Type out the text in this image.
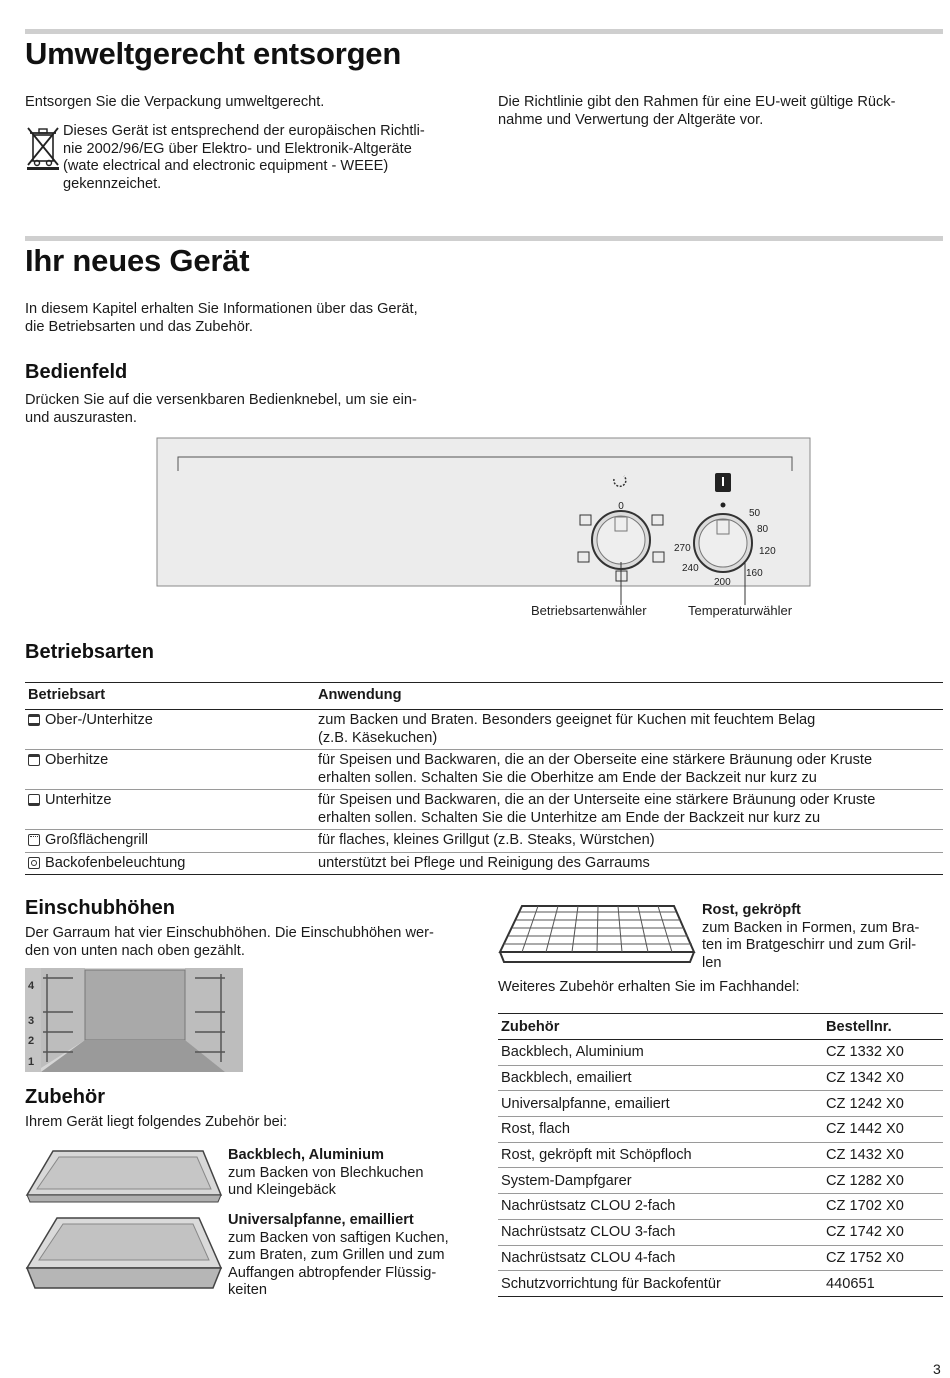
Umweltgerecht entsorgen
Entsorgen Sie die Verpackung umweltgerecht.
Dieses Gerät ist entsprechend der europäischen Richtli-
nie 2002/96/EG über Elektro- und Elektronik-Altgeräte
(wate electrical and electronic equipment - WEEE)
gekennzeichet.
Die Richtlinie gibt den Rahmen für eine EU-weit gültige Rück-
nahme und Verwertung der Altgeräte vor.
Ihr neues Gerät
In diesem Kapitel erhalten Sie Informationen über das Gerät,
die Betriebsarten und das Zubehör.
Bedienfeld
Drücken Sie auf die versenkbaren Bedienknebel, um sie ein-
und auszurasten.
0
50
80
120
160
200
240
270
Betriebsartenwähler	Temperaturwähler
Betriebsarten
Betriebsart	Anwendung
Ober-/Unterhitze	zum Backen und Braten. Besonders geeignet für Kuchen mit feuchtem Belag
(z.B. Käsekuchen)

Oberhitze	für Speisen und Backwaren, die an der Oberseite eine stärkere Bräunung oder Kruste
erhalten sollen. Schalten Sie die Oberhitze am Ende der Backzeit nur kurz zu

Unterhitze	für Speisen und Backwaren, die an der Unterseite eine stärkere Bräunung oder Kruste
erhalten sollen. Schalten Sie die Unterhitze am Ende der Backzeit nur kurz zu

Großflächengrill	für flaches, kleines Grillgut (z.B. Steaks, Würstchen)

Backofenbeleuchtung	unterstützt bei Pflege und Reinigung des Garraums
Einschubhöhen
Der Garraum hat vier Einschubhöhen. Die Einschubhöhen wer-
den von unten nach oben gezählt.
4
3
2
1
Zubehör
Ihrem Gerät liegt folgendes Zubehör bei:
Backblech, Aluminium
zum Backen von Blechkuchen
und Kleingebäck
Universalpfanne, emailliert
zum Backen von saftigen Kuchen,
zum Braten, zum Grillen und zum
Auffangen abtropfender Flüssig-
keiten
Rost, gekröpft
zum Backen in Formen, zum Bra-
ten im Bratgeschirr und zum Gril-
len
Weiteres Zubehör erhalten Sie im Fachhandel:
Zubehör	Bestellnr.
Backblech, Aluminium	CZ 1332 X0
Backblech, emailiert	CZ 1342 X0
Universalpfanne, emailiert	CZ 1242 X0
Rost, flach	CZ 1442 X0
Rost, gekröpft mit Schöpfloch	CZ 1432 X0
System-Dampfgarer	CZ 1282 X0
Nachrüstsatz CLOU 2-fach	CZ 1702 X0
Nachrüstsatz CLOU 3-fach	CZ 1742 X0
Nachrüstsatz CLOU 4-fach	CZ 1752 X0
Schutzvorrichtung für Backofentür	440651
3
